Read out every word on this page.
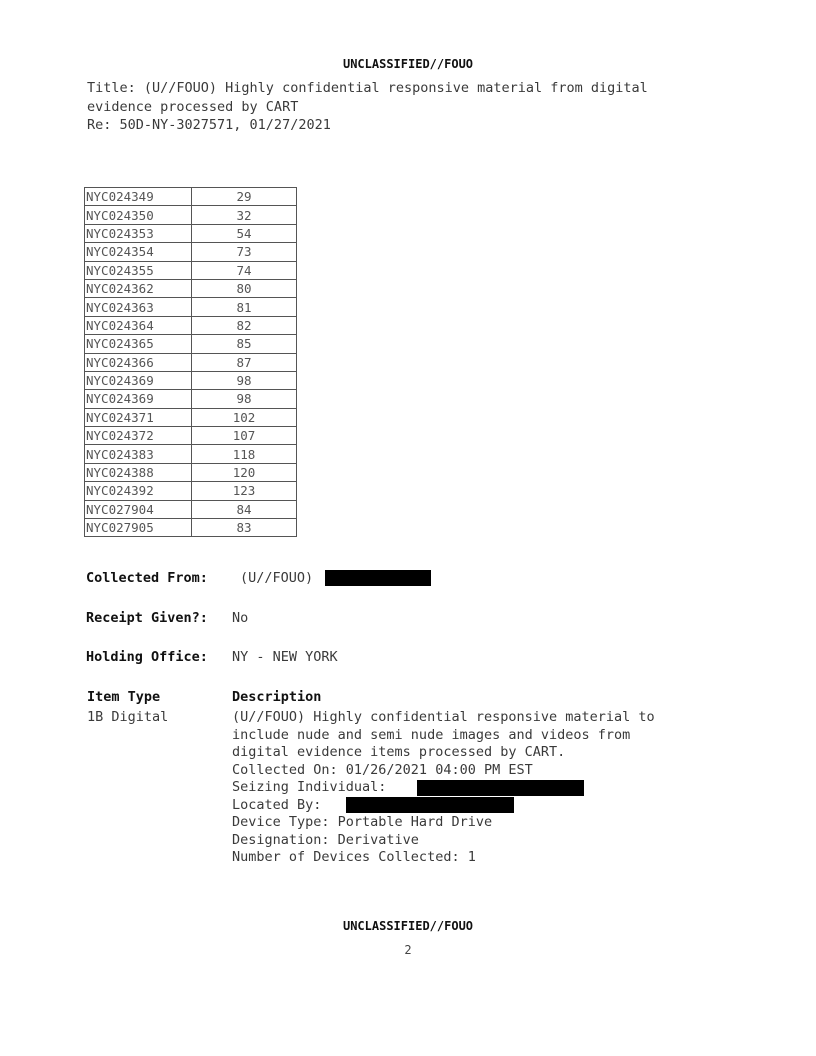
UNCLASSIFIED//FOUO
Title: (U//FOUO) Highly confidential responsive material from digital
evidence processed by CART
Re: 50D-NY-3027571, 01/27/2021
NYC024349	29
NYC024350	32
NYC024353	54
NYC024354	73
NYC024355	74
NYC024362	80
NYC024363	81
NYC024364	82
NYC024365	85
NYC024366	87
NYC024369	98
NYC024369	98
NYC024371	102
NYC024372	107
NYC024383	118
NYC024388	120
NYC024392	123
NYC027904	84
NYC027905	83
Collected From: (U//FOUO)
Receipt Given?: No
Holding Office: NY - NEW YORK
Item Type	Description
1B Digital	(U//FOUO) Highly confidential responsive material to
include nude and semi nude images and videos from
digital evidence items processed by CART.
Collected On: 01/26/2021 04:00 PM EST
Seizing Individual:
Located By:
Device Type: Portable Hard Drive
Designation: Derivative
Number of Devices Collected: 1
UNCLASSIFIED//FOUO
2
